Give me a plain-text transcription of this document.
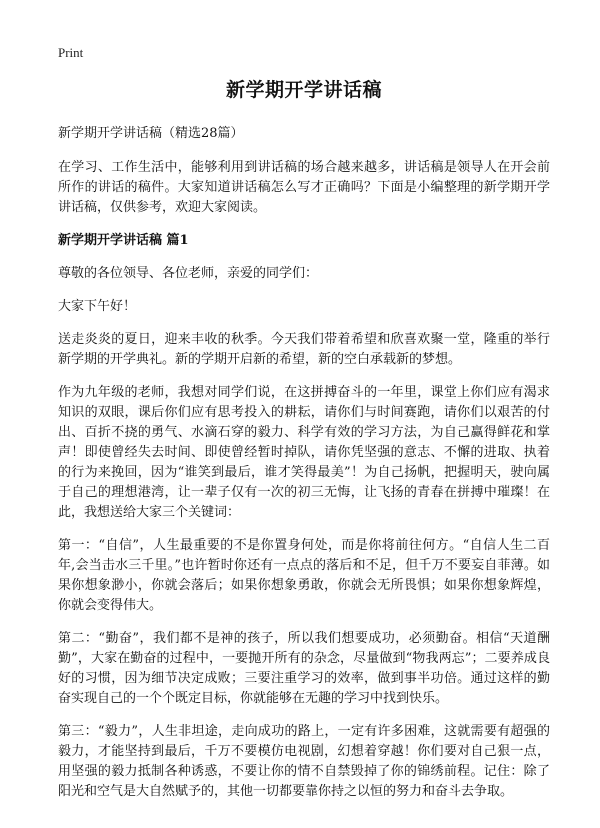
Print
新学期开学讲话稿
新学期开学讲话稿（精选28篇）
在学习、工作生活中，能够利用到讲话稿的场合越来越多，讲话稿是领导人在开会前所作的讲话的稿件。大家知道讲话稿怎么写才正确吗？下面是小编整理的新学期开学讲话稿，仅供参考，欢迎大家阅读。
新学期开学讲话稿 篇1
尊敬的各位领导、各位老师，亲爱的同学们：
大家下午好！
送走炎炎的夏日，迎来丰收的秋季。今天我们带着希望和欣喜欢聚一堂，隆重的举行新学期的开学典礼。新的学期开启新的希望，新的空白承载新的梦想。
作为九年级的老师，我想对同学们说，在这拼搏奋斗的一年里，课堂上你们应有渴求知识的双眼，课后你们应有思考投入的耕耘，请你们与时间赛跑，请你们以艰苦的付出、百折不挠的勇气、水滴石穿的毅力、科学有效的学习方法，为自己赢得鲜花和掌声！即使曾经失去时间、即使曾经暂时掉队，请你凭坚强的意志、不懈的进取、执着的行为来挽回，因为“谁笑到最后，谁才笑得最美”！为自己扬帆，把握明天，驶向属于自己的理想港湾，让一辈子仅有一次的初三无悔，让飞扬的青春在拼搏中璀璨！在此，我想送给大家三个关键词：
第一：“自信”，人生最重要的不是你置身何处，而是你将前往何方。“自信人生二百年,会当击水三千里。”也许暂时你还有一点点的落后和不足，但千万不要妄自菲薄。如果你想象渺小，你就会落后；如果你想象勇敢，你就会无所畏惧；如果你想象辉煌，你就会变得伟大。
第二：“勤奋”，我们都不是神的孩子，所以我们想要成功，必须勤奋。相信“天道酬勤”，大家在勤奋的过程中，一要抛开所有的杂念，尽量做到“物我两忘”；二要养成良好的习惯，因为细节决定成败；三要注重学习的效率，做到事半功倍。通过这样的勤奋实现自己的一个个既定目标，你就能够在无趣的学习中找到快乐。
第三：“毅力”，人生非坦途，走向成功的路上，一定有许多困难，这就需要有超强的毅力，才能坚持到最后，千万不要模仿电视剧，幻想着穿越！你们要对自己狠一点，用坚强的毅力抵制各种诱惑，不要让你的情不自禁毁掉了你的锦绣前程。记住：除了阳光和空气是大自然赋予的，其他一切都要靠你持之以恒的努力和奋斗去争取。
